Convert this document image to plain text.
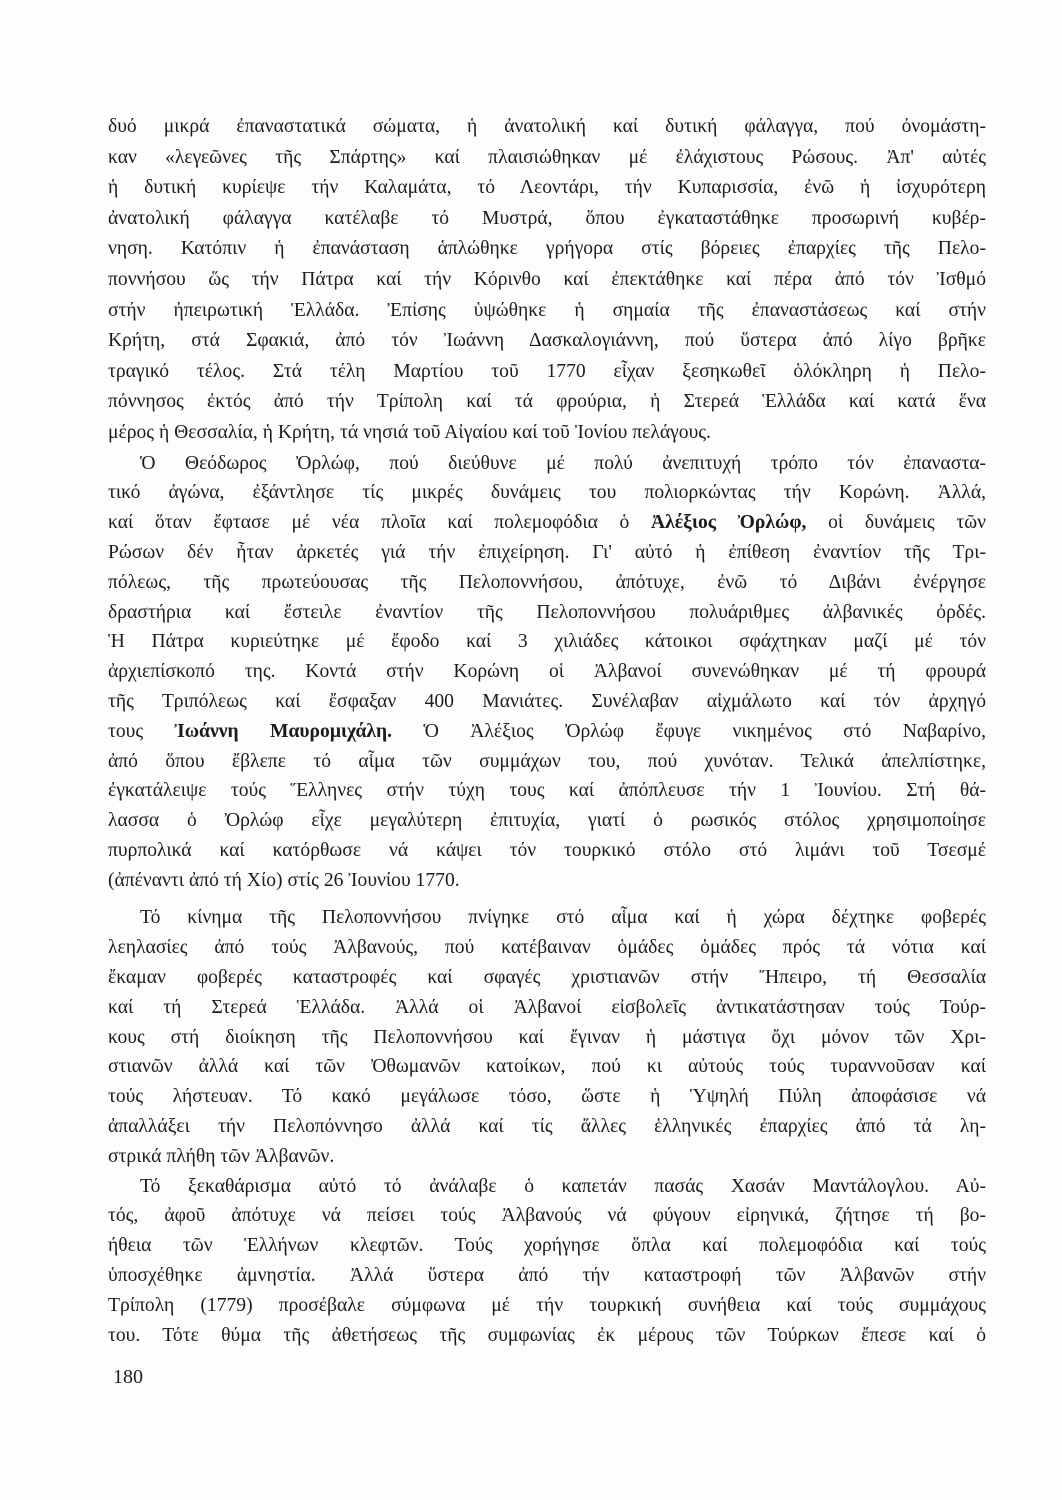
δυό μικρά ἐπαναστατικά σώματα, ἡ ἀνατολική καί δυτική φάλαγγα, πού ὀνομάστη-
καν «λεγεῶνες τῆς Σπάρτης» καί πλαισιώθηκαν μέ ἐλάχιστους Ρώσους. Ἀπ' αὐτές
ἡ δυτική κυρίεψε τήν Καλαμάτα, τό Λεοντάρι, τήν Κυπαρισσία, ἐνῶ ἡ ἰσχυρότερη
ἀνατολική φάλαγγα κατέλαβε τό Μυστρά, ὅπου ἐγκαταστάθηκε προσωρινή κυβέρ-
νηση. Κατόπιν ἡ ἐπανάσταση ἁπλώθηκε γρήγορα στίς βόρειες ἐπαρχίες τῆς Πελο-
ποννήσου ὥς τήν Πάτρα καί τήν Κόρινθο καί ἐπεκτάθηκε καί πέρα ἀπό τόν Ἰσθμό
στήν ἠπειρωτική Ἑλλάδα. Ἐπίσης ὑψώθηκε ἡ σημαία τῆς ἐπαναστάσεως καί στήν
Κρήτη, στά Σφακιά, ἀπό τόν Ἰωάννη Δασκαλογιάννη, πού ὕστερα ἀπό λίγο βρῆκε
τραγικό τέλος. Στά τέλη Μαρτίου τοῦ 1770 εἶχαν ξεσηκωθεῖ ὁλόκληρη ἡ Πελο-
πόννησος ἐκτός ἀπό τήν Τρίπολη καί τά φρούρια, ἡ Στερεά Ἑλλάδα καί κατά ἕνα
μέρος ἡ Θεσσαλία, ἡ Κρήτη, τά νησιά τοῦ Αἰγαίου καί τοῦ Ἰονίου πελάγους.
Ὁ Θεόδωρος Ὀρλώφ, πού διεύθυνε μέ πολύ ἀνεπιτυχή τρόπο τόν ἐπαναστα-
τικό ἀγώνα, ἐξάντλησε τίς μικρές δυνάμεις του πολιορκώντας τήν Κορώνη. Ἀλλά,
καί ὅταν ἔφτασε μέ νέα πλοῖα καί πολεμοφόδια ὁ Ἀλέξιος Ὀρλώφ, οἱ δυνάμεις τῶν
Ρώσων δέν ἦταν ἀρκετές γιά τήν ἐπιχείρηση. Γι' αὐτό ἡ ἐπίθεση ἐναντίον τῆς Τρι-
πόλεως, τῆς πρωτεύουσας τῆς Πελοποννήσου, ἀπότυχε, ἐνῶ τό Διβάνι ἐνέργησε
δραστήρια καί ἔστειλε ἐναντίον τῆς Πελοποννήσου πολυάριθμες ἀλβανικές ὀρδές.
Ἡ Πάτρα κυριεύτηκε μέ ἔφοδο καί 3 χιλιάδες κάτοικοι σφάχτηκαν μαζί μέ τόν
ἀρχιεπίσκοπό της. Κοντά στήν Κορώνη οἱ Ἀλβανοί συνενώθηκαν μέ τή φρουρά
τῆς Τριπόλεως καί ἔσφαξαν 400 Μανιάτες. Συνέλαβαν αἰχμάλωτο καί τόν ἀρχηγό
τους Ἰωάννη Μαυρομιχάλη. Ὁ Ἀλέξιος Ὀρλώφ ἔφυγε νικημένος στό Ναβαρίνο,
ἀπό ὅπου ἔβλεπε τό αἷμα τῶν συμμάχων του, πού χυνόταν. Τελικά ἀπελπίστηκε,
ἐγκατάλειψε τούς Ἕλληνες στήν τύχη τους καί ἀπόπλευσε τήν 1 Ἰουνίου. Στή θά-
λασσα ὁ Ὀρλώφ εἶχε μεγαλύτερη ἐπιτυχία, γιατί ὁ ρωσικός στόλος χρησιμοποίησε
πυρπολικά καί κατόρθωσε νά κάψει τόν τουρκικό στόλο στό λιμάνι τοῦ Τσεσμέ
(ἀπέναντι ἀπό τή Χίο) στίς 26 Ἰουνίου 1770.
Τό κίνημα τῆς Πελοποννήσου πνίγηκε στό αἷμα καί ἡ χώρα δέχτηκε φοβερές
λεηλασίες ἀπό τούς Ἀλβανούς, πού κατέβαιναν ὁμάδες ὁμάδες πρός τά νότια καί
ἔκαμαν φοβερές καταστροφές καί σφαγές χριστιανῶν στήν Ἤπειρο, τή Θεσσαλία
καί τή Στερεά Ἑλλάδα. Ἀλλά οἱ Ἀλβανοί εἰσβολεῖς ἀντικατάστησαν τούς Τούρ-
κους στή διοίκηση τῆς Πελοποννήσου καί ἔγιναν ἡ μάστιγα ὄχι μόνον τῶν Χρι-
στιανῶν ἀλλά καί τῶν Ὀθωμανῶν κατοίκων, πού κι αὐτούς τούς τυραννοῦσαν καί
τούς λήστευαν. Τό κακό μεγάλωσε τόσο, ὥστε ἡ Ὑψηλή Πύλη ἀποφάσισε νά
ἀπαλλάξει τήν Πελοπόννησο ἀλλά καί τίς ἄλλες ἑλληνικές ἐπαρχίες ἀπό τά λη-
στρικά πλήθη τῶν Ἀλβανῶν.
Τό ξεκαθάρισμα αὐτό τό ἀνάλαβε ὁ καπετάν πασάς Χασάν Μαντάλογλου. Αὐ-
τός, ἀφοῦ ἀπότυχε νά πείσει τούς Ἀλβανούς νά φύγουν εἰρηνικά, ζήτησε τή βο-
ήθεια τῶν Ἑλλήνων κλεφτῶν. Τούς χορήγησε ὅπλα καί πολεμοφόδια καί τούς
ὑποσχέθηκε ἀμνηστία. Ἀλλά ὕστερα ἀπό τήν καταστροφή τῶν Ἀλβανῶν στήν
Τρίπολη (1779) προσέβαλε σύμφωνα μέ τήν τουρκική συνήθεια καί τούς συμμάχους
του. Τότε θύμα τῆς ἀθετήσεως τῆς συμφωνίας ἐκ μέρους τῶν Τούρκων ἔπεσε καί ὁ
180
